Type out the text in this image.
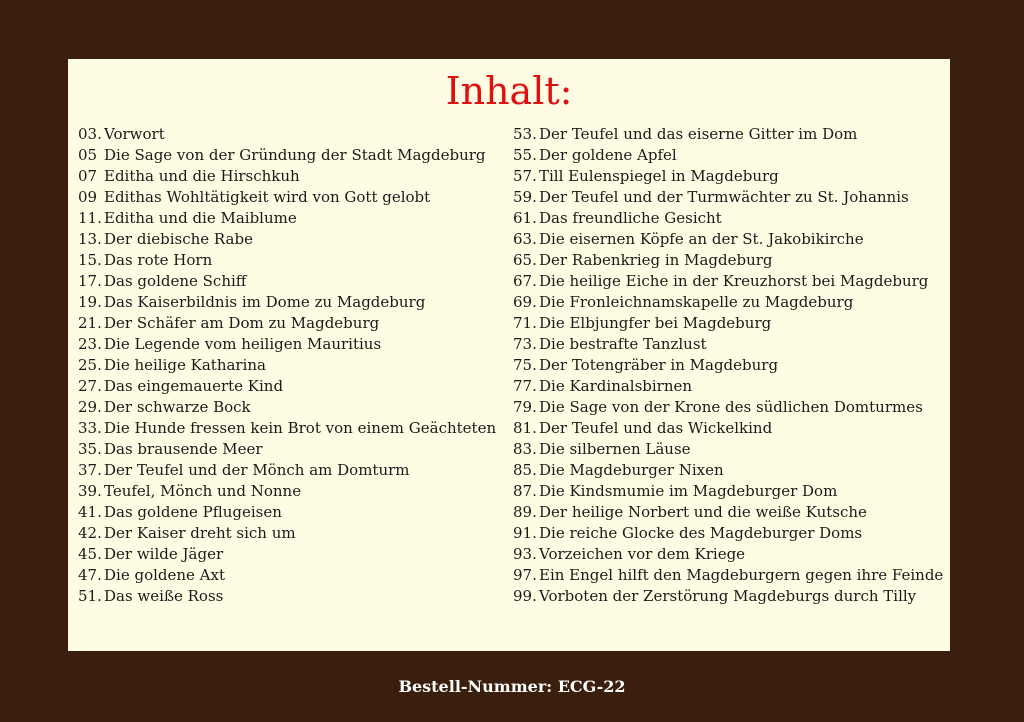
Inhalt:
03. Vorwort
05 Die Sage von der Gründung der Stadt Magdeburg
07 Editha und die Hirschkuh
09 Edithas Wohltätigkeit wird von Gott gelobt
11. Editha und die Maiblume
13. Der diebische Rabe
15. Das rote Horn
17. Das goldene Schiff
19. Das Kaiserbildnis im Dome zu Magdeburg
21. Der Schäfer am Dom zu Magdeburg
23. Die Legende vom heiligen Mauritius
25. Die heilige Katharina
27. Das eingemauerte Kind
29. Der schwarze Bock
33. Die Hunde fressen kein Brot von einem Geächteten
35. Das brausende Meer
37. Der Teufel und der Mönch am Domturm
39. Teufel, Mönch und Nonne
41. Das goldene Pflugeisen
42. Der Kaiser dreht sich um
45. Der wilde Jäger
47. Die goldene Axt
51. Das weiße Ross
53. Der Teufel und das eiserne Gitter im Dom
55. Der goldene Apfel
57. Till Eulenspiegel in Magdeburg
59. Der Teufel und der Turmwächter zu St. Johannis
61. Das freundliche Gesicht
63. Die eisernen Köpfe an der St. Jakobikirche
65. Der Rabenkrieg in Magdeburg
67. Die heilige Eiche in der Kreuzhorst bei Magdeburg
69. Die Fronleichnamskapelle zu Magdeburg
71. Die Elbjungfer bei Magdeburg
73. Die bestrafte Tanzlust
75. Der Totengräber in Magdeburg
77. Die Kardinalsbirnen
79. Die Sage von der Krone des südlichen Domturmes
81. Der Teufel und das Wickelkind
83. Die silbernen Läuse
85. Die Magdeburger Nixen
87. Die Kindsmumie im Magdeburger Dom
89. Der heilige Norbert und die weiße Kutsche
91. Die reiche Glocke des Magdeburger Doms
93. Vorzeichen vor dem Kriege
97. Ein Engel hilft den Magdeburgern gegen ihre Feinde
99. Vorboten der Zerstörung Magdeburgs durch Tilly
Bestell-Nummer: ECG-22
